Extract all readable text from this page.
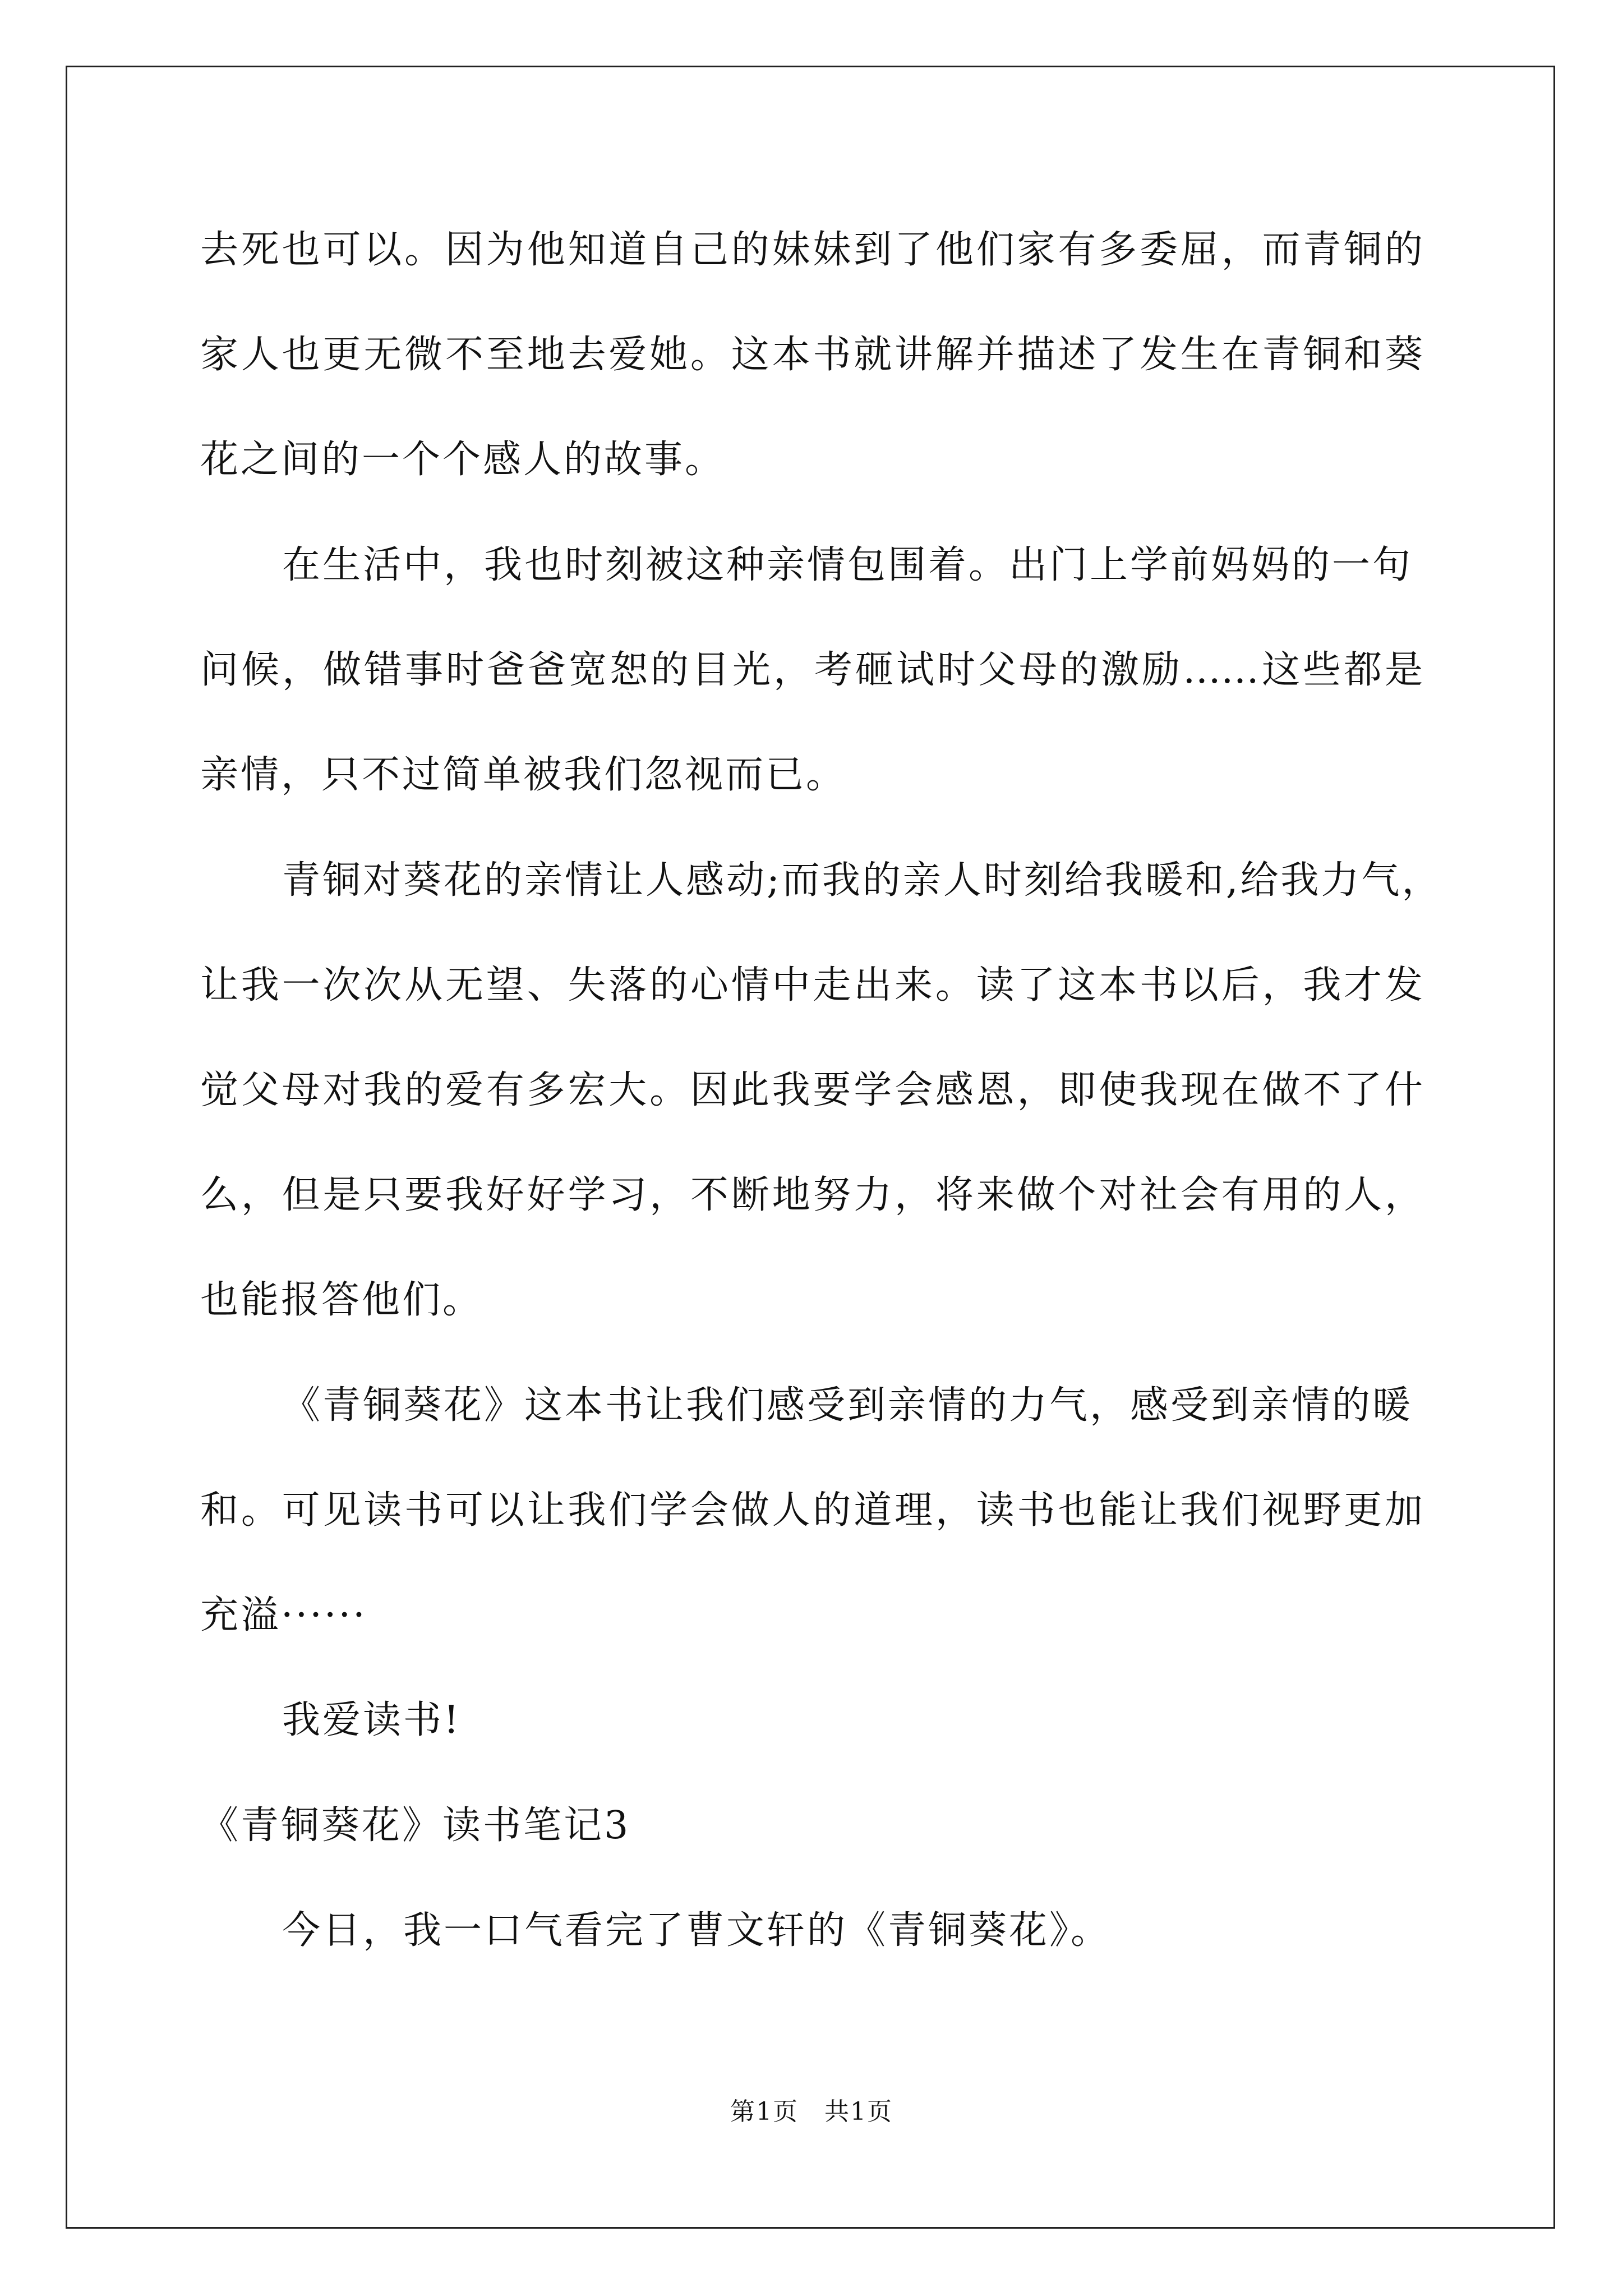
去死也可以。因为他知道自己的妹妹到了他们家有多委屈，而青铜的
家人也更无微不至地去爱她。这本书就讲解并描述了发生在青铜和葵
花之间的一个个感人的故事。
在生活中，我也时刻被这种亲情包围着。出门上学前妈妈的一句
问候，做错事时爸爸宽恕的目光，考砸试时父母的激励……这些都是
亲情，只不过简单被我们忽视而已。
青铜对葵花的亲情让人感动;而我的亲人时刻给我暖和,给我力气，
让我一次次从无望、失落的心情中走出来。读了这本书以后，我才发
觉父母对我的爱有多宏大。因此我要学会感恩，即使我现在做不了什
么，但是只要我好好学习，不断地努力，将来做个对社会有用的人，
也能报答他们。
《青铜葵花》这本书让我们感受到亲情的力气，感受到亲情的暖
和。可见读书可以让我们学会做人的道理，读书也能让我们视野更加
充溢······
我爱读书!
《青铜葵花》读书笔记3
今日，我一口气看完了曹文轩的《青铜葵花》。
第1页　共1页
